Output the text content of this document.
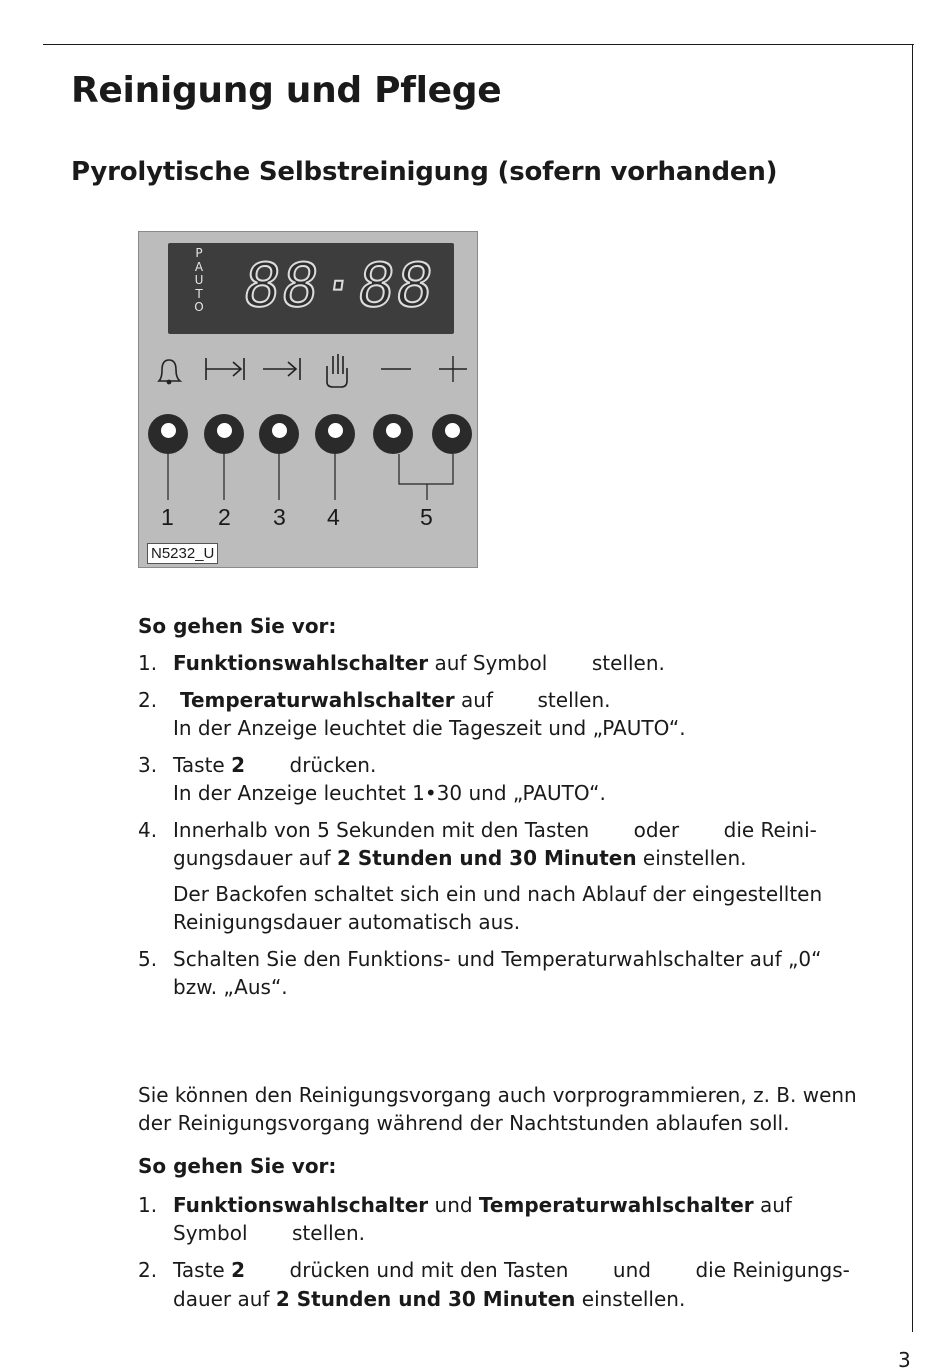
Reinigung und Pflege
Pyrolytische Selbstreinigung (sofern vorhanden)
P
A
U
T
O 88·88
1 2 3 4	5
N5232_U
So gehen Sie vor:
1. Funktionswahlschalter auf Symbol       stellen.
2. Temperaturwahlschalter auf       stellen.
In der Anzeige leuchtet die Tageszeit und „PAUTO“.
3. Taste 2       drücken.
In der Anzeige leuchtet 1•30 und „PAUTO“.
4. Innerhalb von 5 Sekunden mit den Tasten       oder       die Reini-
gungsdauer auf 2 Stunden und 30 Minuten einstellen.
Der Backofen schaltet sich ein und nach Ablauf der eingestellten
Reinigungsdauer automatisch aus.
5. Schalten Sie den Funktions- und Temperaturwahlschalter auf „0“
bzw. „Aus“.
Sie können den Reinigungsvorgang auch vorprogrammieren, z. B. wenn
der Reinigungsvorgang während der Nachtstunden ablaufen soll.
So gehen Sie vor:
1. Funktionswahlschalter und Temperaturwahlschalter auf
Symbol       stellen.
2. Taste 2       drücken und mit den Tasten       und       die Reinigungs-
dauer auf 2 Stunden und 30 Minuten einstellen.
3
